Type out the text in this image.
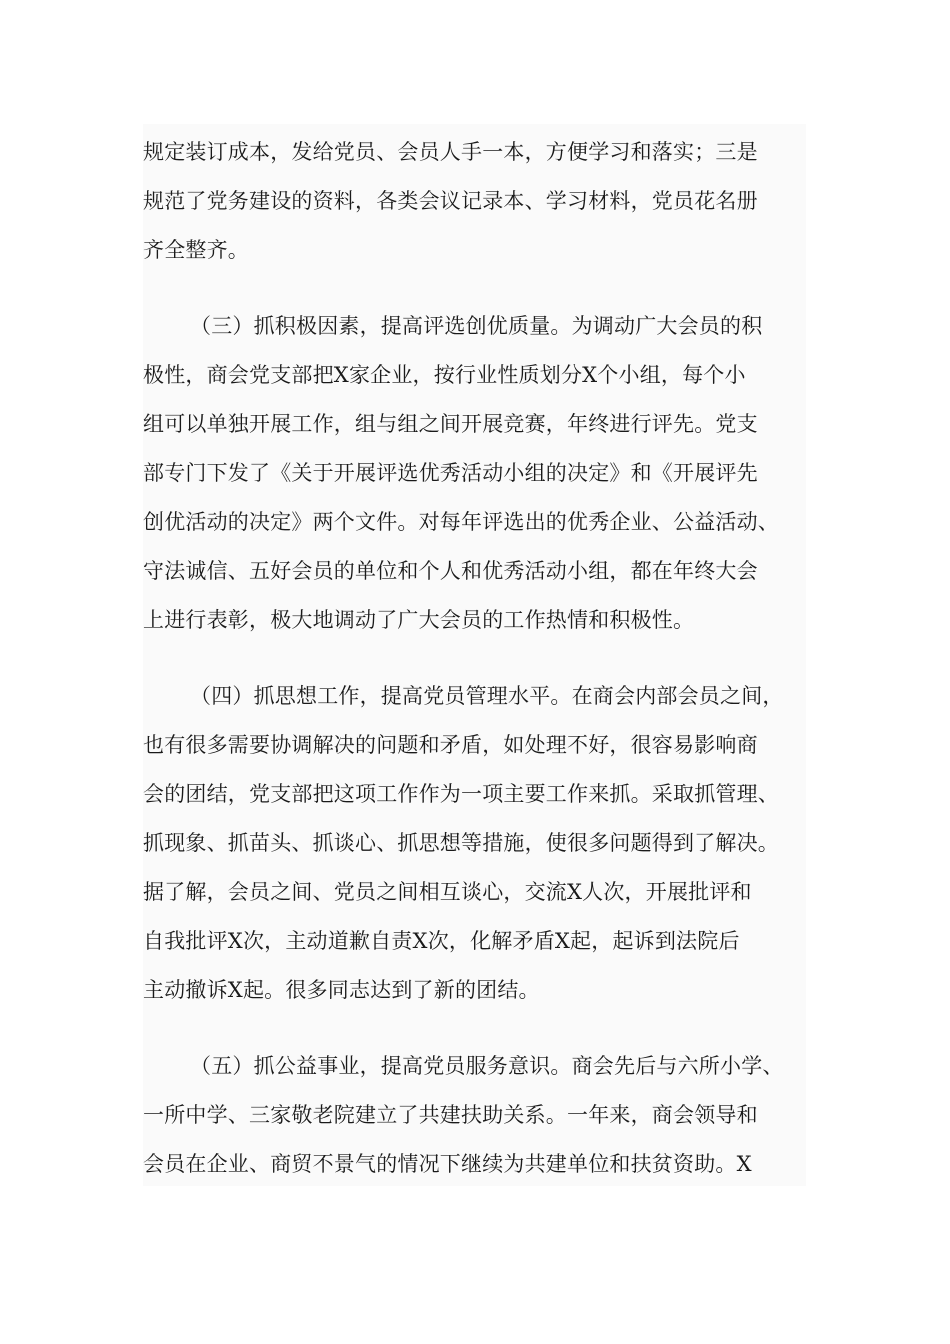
规定装订成本，发给党员、会员人手一本，方便学习和落实；三是
规范了党务建设的资料，各类会议记录本、学习材料，党员花名册
齐全整齐。
（三）抓积极因素，提高评选创优质量。为调动广大会员的积
极性，商会党支部把X家企业，按行业性质划分X个小组，每个小
组可以单独开展工作，组与组之间开展竞赛，年终进行评先。党支
部专门下发了《关于开展评选优秀活动小组的决定》和《开展评先
创优活动的决定》两个文件。对每年评选出的优秀企业、公益活动、
守法诚信、五好会员的单位和个人和优秀活动小组，都在年终大会
上进行表彰，极大地调动了广大会员的工作热情和积极性。
（四）抓思想工作，提高党员管理水平。在商会内部会员之间，
也有很多需要协调解决的问题和矛盾，如处理不好，很容易影响商
会的团结，党支部把这项工作作为一项主要工作来抓。采取抓管理、
抓现象、抓苗头、抓谈心、抓思想等措施，使很多问题得到了解决。
据了解，会员之间、党员之间相互谈心，交流X人次，开展批评和
自我批评X次，主动道歉自责X次，化解矛盾X起，起诉到法院后
主动撤诉X起。很多同志达到了新的团结。
（五）抓公益事业，提高党员服务意识。商会先后与六所小学、
一所中学、三家敬老院建立了共建扶助关系。一年来，商会领导和
会员在企业、商贸不景气的情况下继续为共建单位和扶贫资助。X
